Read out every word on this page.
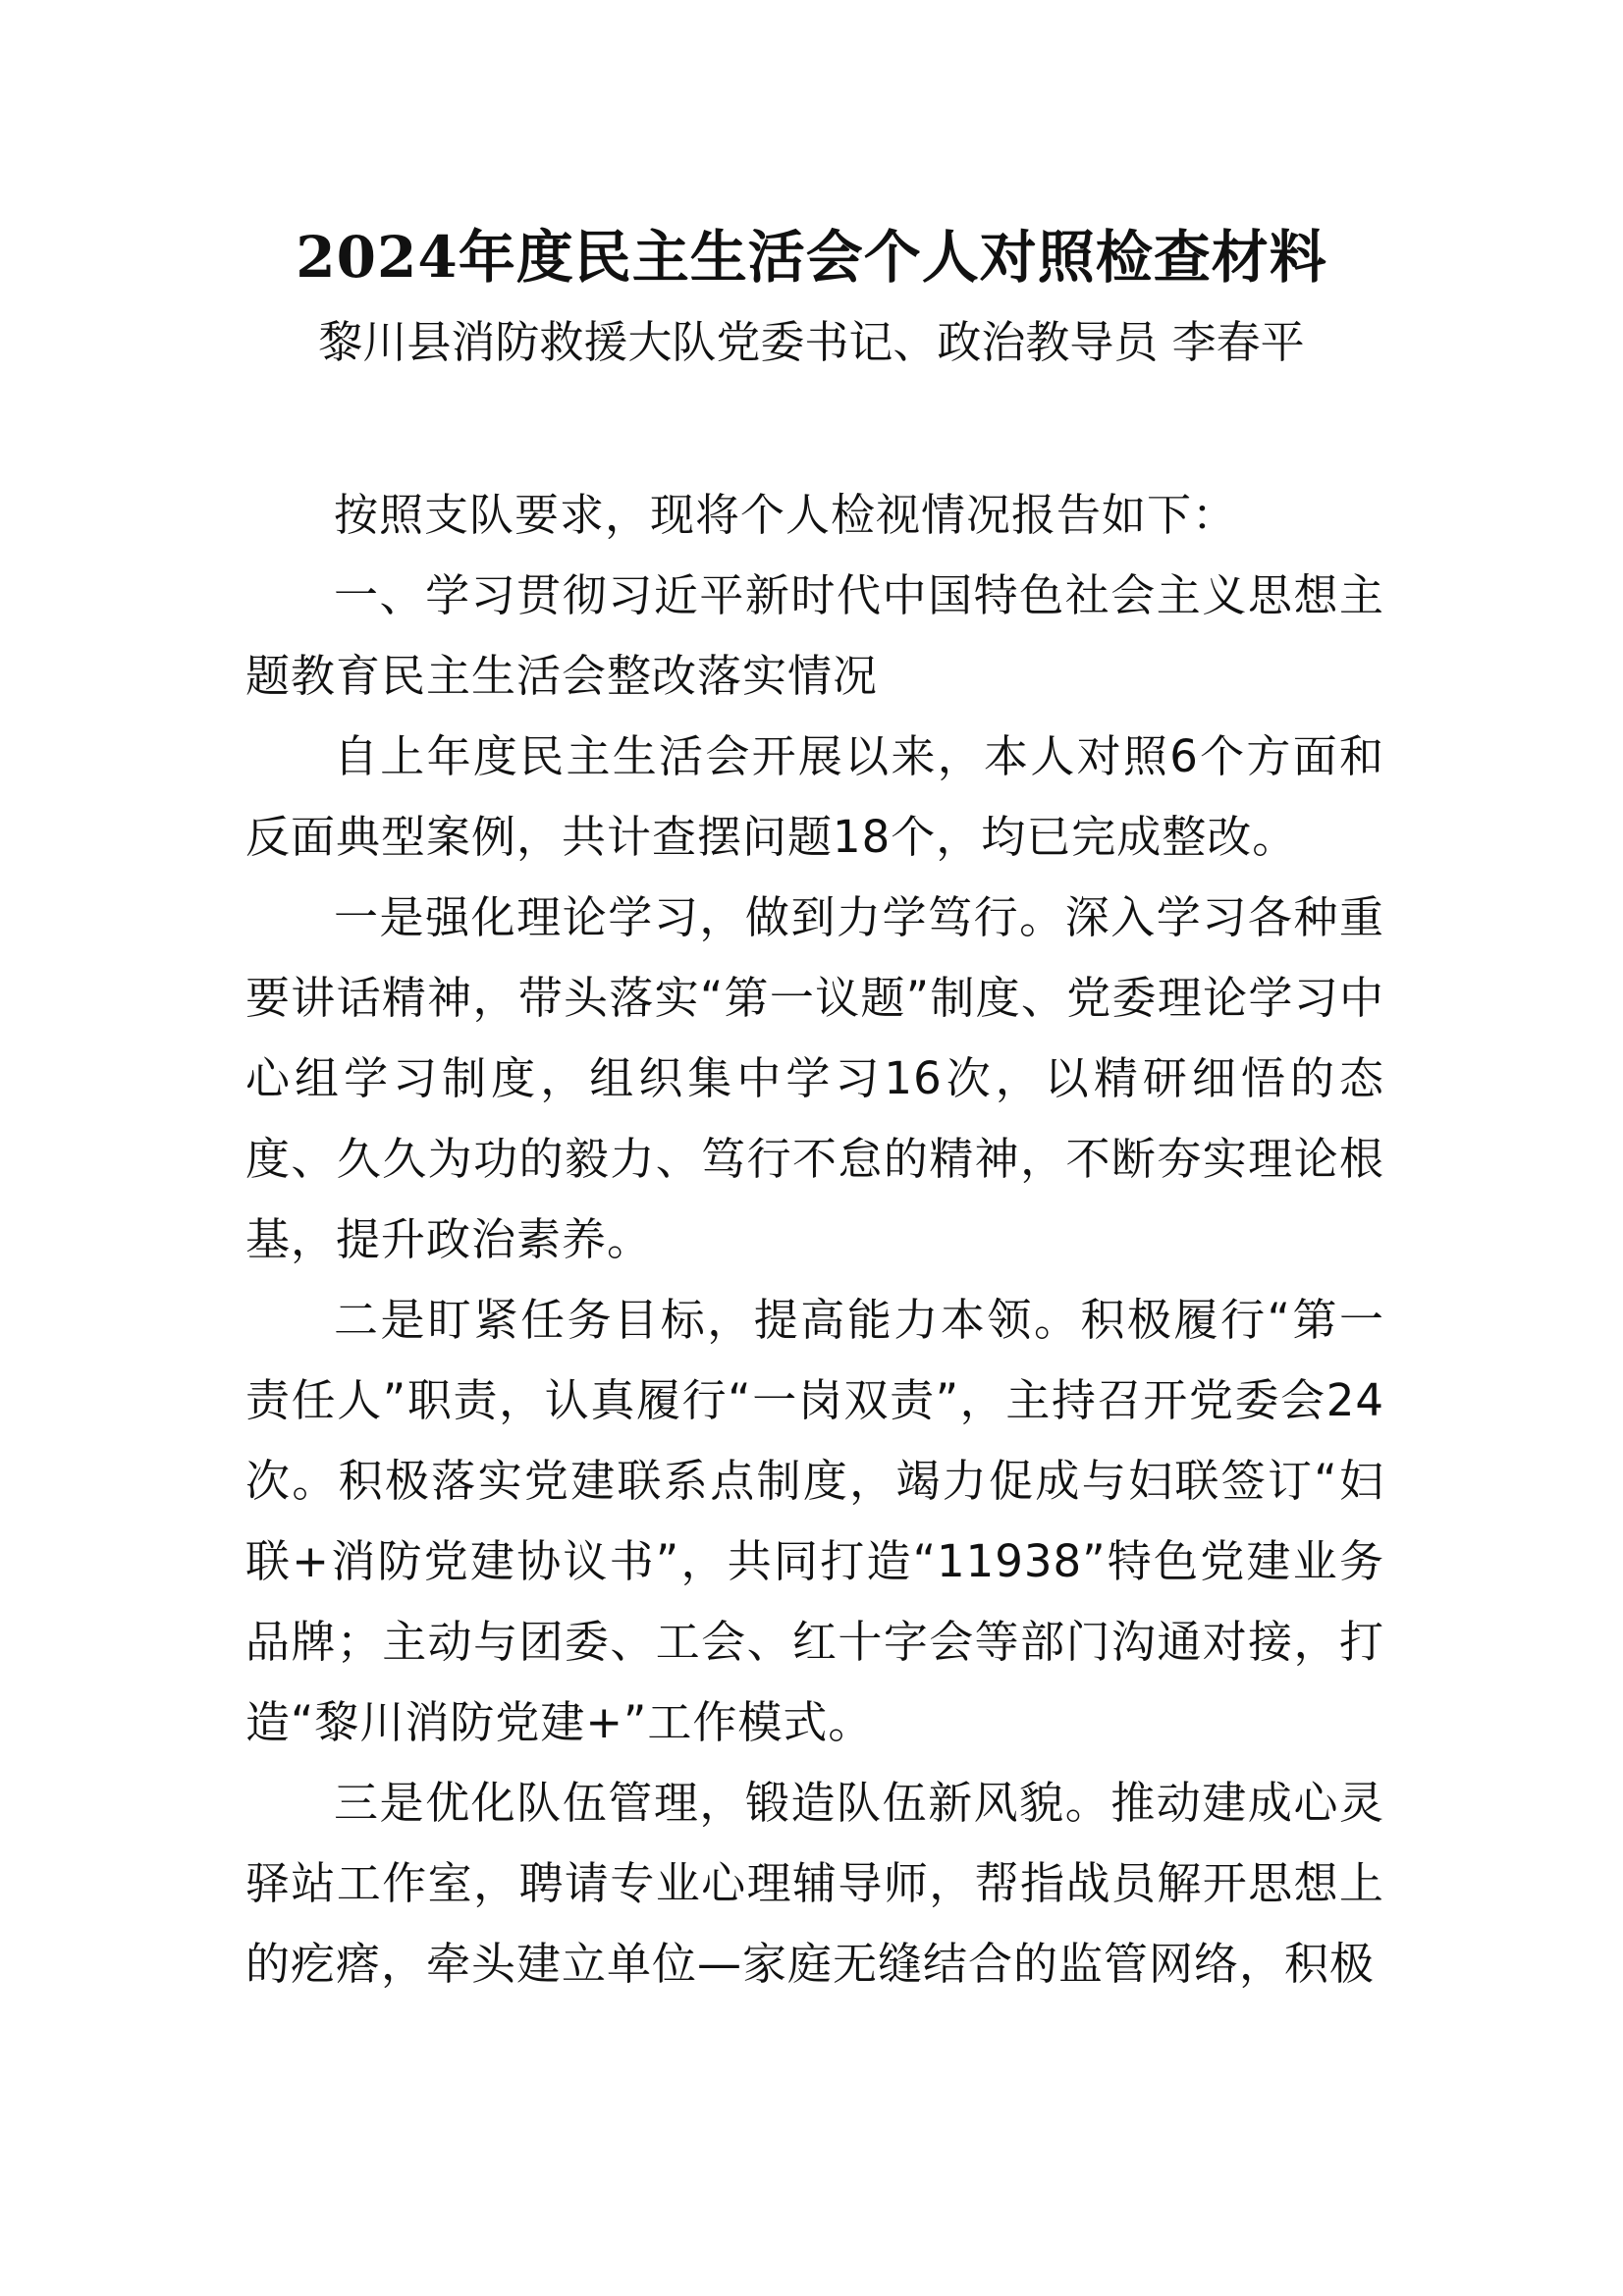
2024年度民主生活会个人对照检查材料
黎川县消防救援大队党委书记、政治教导员 李春平

按照支队要求，现将个人检视情况报告如下：

一、学习贯彻习近平新时代中国特色社会主义思想主题教育民主生活会整改落实情况

自上年度民主生活会开展以来，本人对照6个方面和反面典型案例，共计查摆问题18个，均已完成整改。

一是强化理论学习，做到力学笃行。深入学习各种重要讲话精神，带头落实“第一议题”制度、党委理论学习中心组学习制度，组织集中学习16次，以精研细悟的态度、久久为功的毅力、笃行不怠的精神，不断夯实理论根基，提升政治素养。

二是盯紧任务目标，提高能力本领。积极履行“第一责任人”职责，认真履行“一岗双责”，主持召开党委会24次。积极落实党建联系点制度，竭力促成与妇联签订“妇联+消防党建协议书”，共同打造“11938”特色党建业务品牌；主动与团委、工会、红十字会等部门沟通对接，打造“黎川消防党建+”工作模式。

三是优化队伍管理，锻造队伍新风貌。推动建成心灵驿站工作室，聘请专业心理辅导师，帮指战员解开思想上的疙瘩，牵头建立单位—家庭无缝结合的监管网络，积极
